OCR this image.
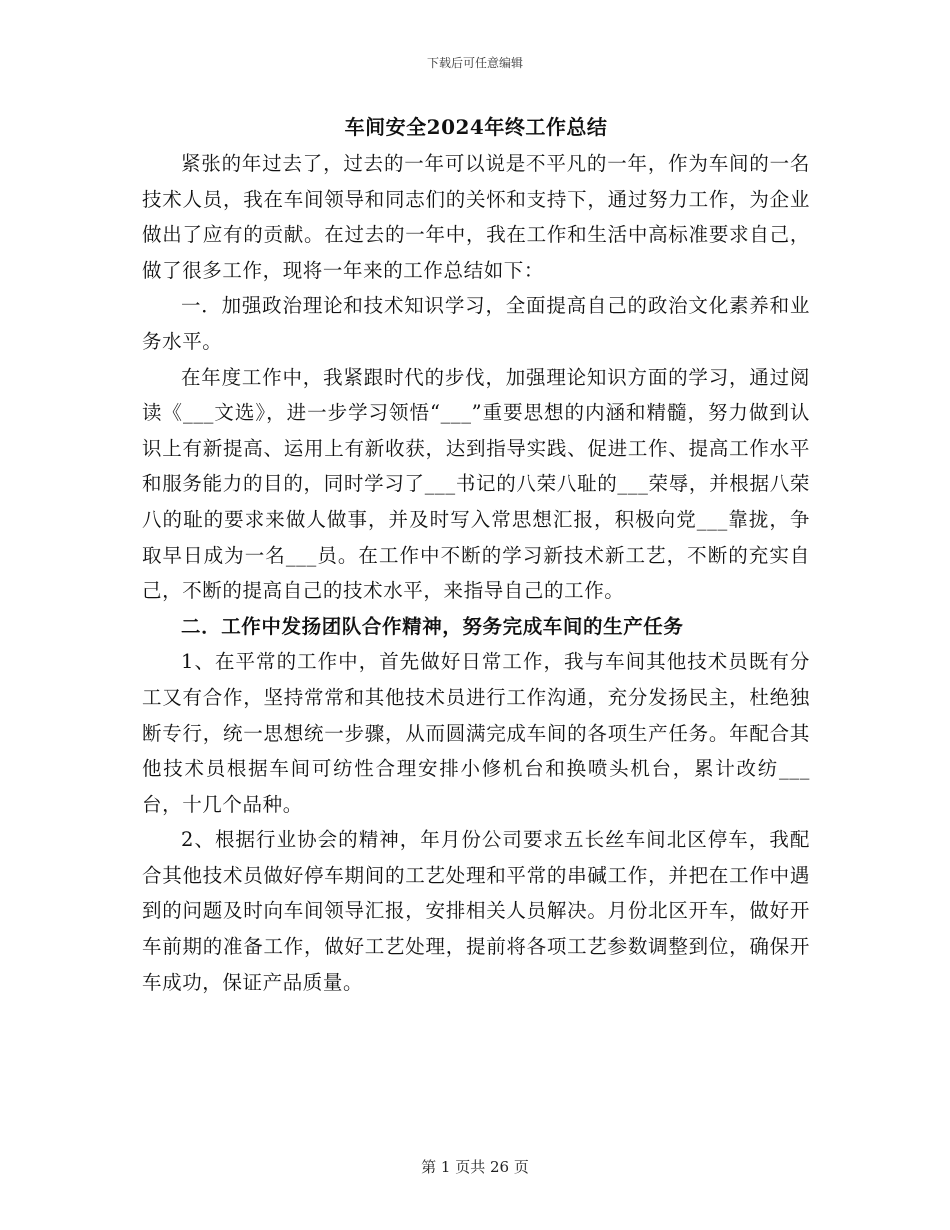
下载后可任意编辑
车间安全2024年终工作总结

紧张的年过去了，过去的一年可以说是不平凡的一年，作为车间的一名技术人员，我在车间领导和同志们的关怀和支持下，通过努力工作，为企业做出了应有的贡献。在过去的一年中，我在工作和生活中高标准要求自己，做了很多工作，现将一年来的工作总结如下：

一．加强政治理论和技术知识学习，全面提高自己的政治文化素养和业务水平。

在年度工作中，我紧跟时代的步伐，加强理论知识方面的学习，通过阅读《___文选》，进一步学习领悟“___”重要思想的内涵和精髓，努力做到认识上有新提高、运用上有新收获，达到指导实践、促进工作、提高工作水平和服务能力的目的，同时学习了___书记的八荣八耻的___荣辱，并根据八荣八的耻的要求来做人做事，并及时写入常思想汇报，积极向党___靠拢，争取早日成为一名___员。在工作中不断的学习新技术新工艺，不断的充实自己，不断的提高自己的技术水平，来指导自己的工作。

二．工作中发扬团队合作精神，努务完成车间的生产任务

1、在平常的工作中，首先做好日常工作，我与车间其他技术员既有分工又有合作，坚持常常和其他技术员进行工作沟通，充分发扬民主，杜绝独断专行，统一思想统一步骤，从而圆满完成车间的各项生产任务。年配合其他技术员根据车间可纺性合理安排小修机台和换喷头机台，累计改纺___台，十几个品种。

2、根据行业协会的精神，年月份公司要求五长丝车间北区停车，我配合其他技术员做好停车期间的工艺处理和平常的串碱工作，并把在工作中遇到的问题及时向车间领导汇报，安排相关人员解决。月份北区开车，做好开车前期的准备工作，做好工艺处理，提前将各项工艺参数调整到位，确保开车成功，保证产品质量。

第 1 页共 26 页
